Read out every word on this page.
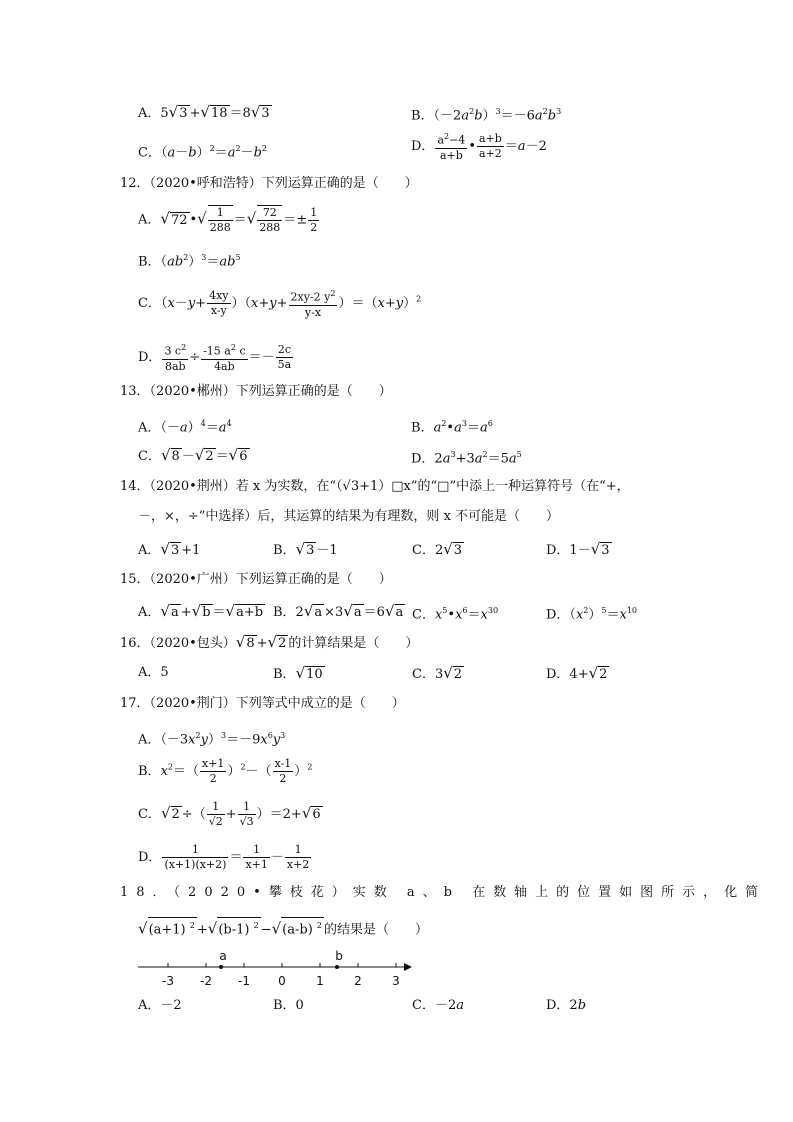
A．5√3 +√18 ＝8√3	B．$(-2a^2b)^3=-6a^2b^3$
C．$(a-b)^2=a^2-b^2$	D． $\frac{a^2-4}{a+b}$ • $\frac{a+b}{a+2} =a-2$
12．（2020•呼和浩特）下列运算正确的是（　　）
A．√72 •√ $\frac{1}{288}$ ＝√ $\frac{72}{288} =\pm \frac{1}{2}$
B．$(ab^2)^3=ab^5$
C．$(x-y+ \frac{4xy}{x-y} )(x+y+ \frac{2xy-2 y^2}{y-x} )=(x+y)^2$
D． $\frac{3 c^2}{8ab} \div \frac{-15 a^2 c}{4ab} =- \frac{2c}{5a}$
13．（2020•郴州）下列运算正确的是（　　）
A．$(-a)^4=a^4$	B．$a^2•a^3=a^6$
C．√8 －√2 ＝√6	D．$2a^3+3a^2=5a^5$
14．（2020•荆州）若 x 为实数，在“（√3+1）□x”的“□”中添上一种运算符号（在“+，
－，×，÷”中选择）后，其运算的结果为有理数，则 x 不可能是（　　）
A．√3 +1	B．√3 －1	C．2√3	D．1－√3
15．（2020•广州）下列运算正确的是（　　）
A．√a +√b ＝√a+b B．2√a ×3√a ＝6√a C．$x^5•x^6=x^{30}$	D．$(x^2)^5=x^{10}$
16．（2020•包头）√8 +√2 的计算结果是（　　）
A．5	B．√10	C．3√2	D．4+√2
17．（2020•荆门）下列等式中成立的是（　　）
A．$(-3x^2y)^3=-9x^6y^3$
B．$x^2=( \frac{x+1}{2} )^2-( \frac{x-1}{2} )^2$
C．√2 ÷（ $\frac{1}{√2} + \frac{1}{√3} )=2+√6$
D． $\frac{1}{(x+1)(x+2)} = \frac{1}{x+1} - \frac{1}{x+2}$
18．（2020•攀枝花）实数 a、b 在数轴上的位置如图所示，化简
√(a+1) $^2$ +√(b-1) $^2$ −√(a-b) $^2$ 的结果是（　　）
-3 -2 -1 0	1	2	3
a	b
A．－2	B．0	C．－2a	D．2b
